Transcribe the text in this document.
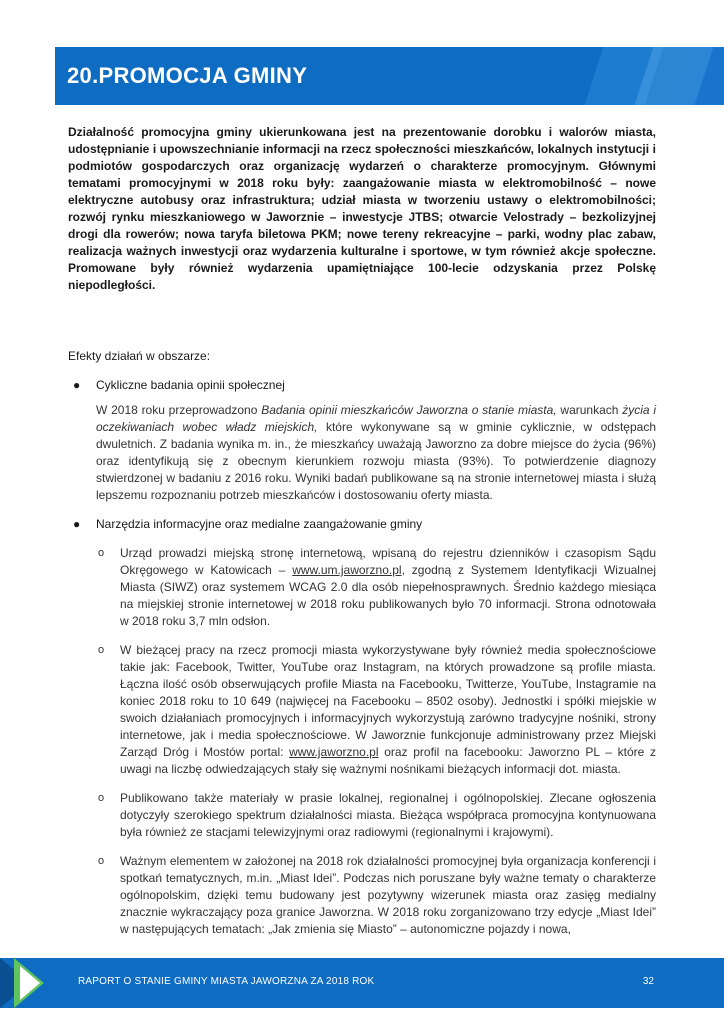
20.PROMOCJA GMINY

Działalność promocyjna gminy ukierunkowana jest na prezentowanie dorobku i walorów miasta, udostępnianie i upowszechnianie informacji na rzecz społeczności mieszkańców, lokalnych instytucji i podmiotów gospodarczych oraz organizację wydarzeń o charakterze promocyjnym. Głównymi tematami promocyjnymi w 2018 roku były: zaangażowanie miasta w elektromobilność – nowe elektryczne autobusy oraz infrastruktura; udział miasta w tworzeniu ustawy o elektromobilności; rozwój rynku mieszkaniowego w Jaworznie – inwestycje JTBS; otwarcie Velostrady – bezkolizyjnej drogi dla rowerów; nowa taryfa biletowa PKM; nowe tereny rekreacyjne – parki, wodny plac zabaw, realizacja ważnych inwestycji oraz wydarzenia kulturalne i sportowe, w tym również akcje społeczne. Promowane były również wydarzenia upamiętniające 100-lecie odzyskania przez Polskę niepodległości.

Efekty działań w obszarze:
● Cykliczne badania opinii społecznej
W 2018 roku przeprowadzono Badania opinii mieszkańców Jaworzna o stanie miasta, warunkach życia i oczekiwaniach wobec władz miejskich, które wykonywane są w gminie cyklicznie, w odstępach dwuletnich. Z badania wynika m. in., że mieszkańcy uważają Jaworzno za dobre miejsce do życia (96%) oraz identyfikują się z obecnym kierunkiem rozwoju miasta (93%). To potwierdzenie diagnozy stwierdzonej w badaniu z 2016 roku. Wyniki badań publikowane są na stronie internetowej miasta i służą lepszemu rozpoznaniu potrzeb mieszkańców i dostosowaniu oferty miasta.
● Narzędzia informacyjne oraz medialne zaangażowanie gminy
o Urząd prowadzi miejską stronę internetową, wpisaną do rejestru dzienników i czasopism Sądu Okręgowego w Katowicach – www.um.jaworzno.pl, zgodną z Systemem Identyfikacji Wizualnej Miasta (SIWZ) oraz systemem WCAG 2.0 dla osób niepełnosprawnych. Średnio każdego miesiąca na miejskiej stronie internetowej w 2018 roku publikowanych było 70 informacji. Strona odnotowała w 2018 roku 3,7 mln odsłon.
o W bieżącej pracy na rzecz promocji miasta wykorzystywane były również media społecznościowe takie jak: Facebook, Twitter, YouTube oraz Instagram, na których prowadzone są profile miasta. Łączna ilość osób obserwujących profile Miasta na Facebooku, Twitterze, YouTube, Instagramie na koniec 2018 roku to 10 649 (najwięcej na Facebooku – 8502 osoby). Jednostki i spółki miejskie w swoich działaniach promocyjnych i informacyjnych wykorzystują zarówno tradycyjne nośniki, strony internetowe, jak i media społecznościowe. W Jaworznie funkcjonuje administrowany przez Miejski Zarząd Dróg i Mostów portal: www.jaworzno.pl oraz profil na facebooku: Jaworzno PL – które z uwagi na liczbę odwiedzających stały się ważnymi nośnikami bieżących informacji dot. miasta.
o Publikowano także materiały w prasie lokalnej, regionalnej i ogólnopolskiej. Zlecane ogłoszenia dotyczyły szerokiego spektrum działalności miasta. Bieżąca współpraca promocyjna kontynuowana była również ze stacjami telewizyjnymi oraz radiowymi (regionalnymi i krajowymi).
o Ważnym elementem w założonej na 2018 rok działalności promocyjnej była organizacja konferencji i spotkań tematycznych, m.in. „Miast Idei”. Podczas nich poruszane były ważne tematy o charakterze ogólnopolskim, dzięki temu budowany jest pozytywny wizerunek miasta oraz zasięg medialny znacznie wykraczający poza granice Jaworzna. W 2018 roku zorganizowano trzy edycje „Miast Idei” w następujących tematach: „Jak zmienia się Miasto” – autonomiczne pojazdy i nowa,
RAPORT O STANIE GMINY MIASTA JAWORZNA ZA 2018 ROK	32
